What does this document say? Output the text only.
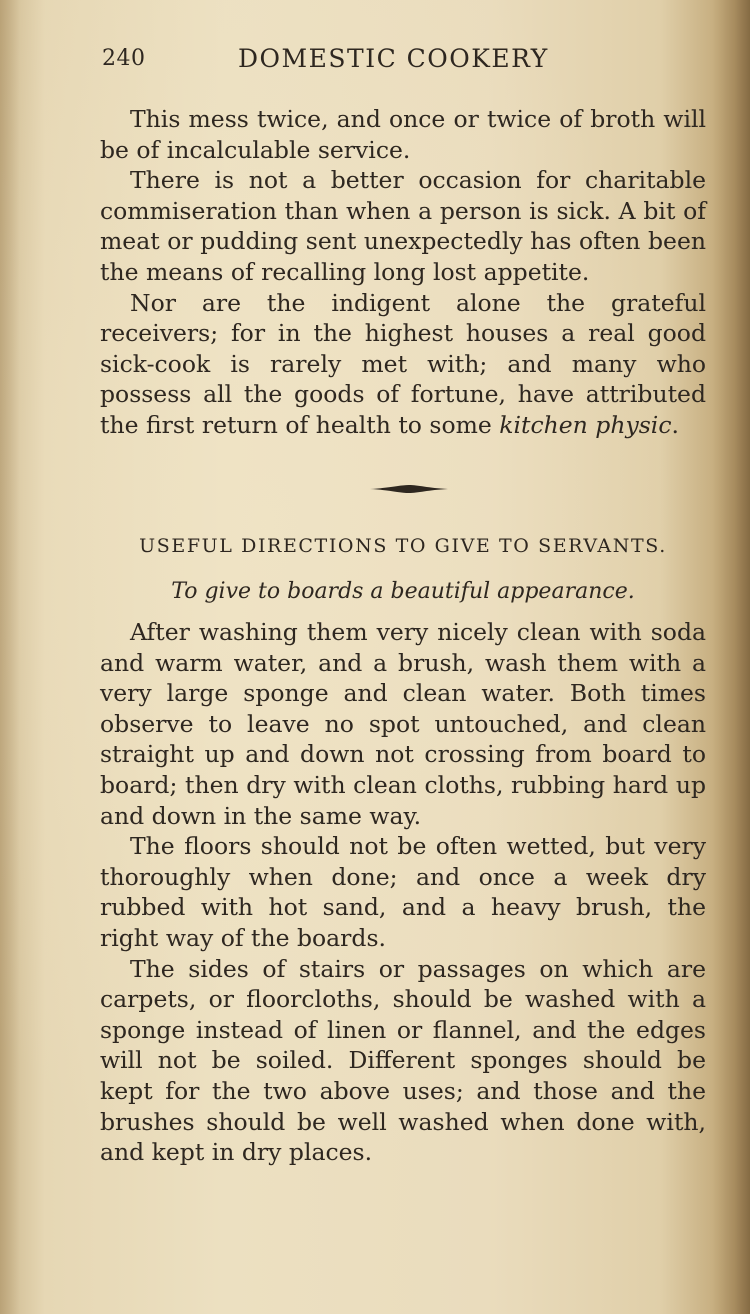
240	DOMESTIC COOKERY

This mess twice, and once or twice of broth will be of incalculable service.

There is not a better occasion for charitable commiseration than when a person is sick. A bit of meat or pudding sent unexpectedly has often been the means of recalling long lost appetite.

Nor are the indigent alone the grateful receivers; for in the highest houses a real good sick-cook is rarely met with; and many who possess all the goods of fortune, have attributed the first return of health to some kitchen physic.

USEFUL DIRECTIONS TO GIVE TO SERVANTS.
To give to boards a beautiful appearance.

After washing them very nicely clean with soda and warm water, and a brush, wash them with a very large sponge and clean water. Both times observe to leave no spot untouched, and clean straight up and down not crossing from board to board; then dry with clean cloths, rubbing hard up and down in the same way.

The floors should not be often wetted, but very thoroughly when done; and once a week dry rubbed with hot sand, and a heavy brush, the right way of the boards.

The sides of stairs or passages on which are carpets, or floorcloths, should be washed with a sponge instead of linen or flannel, and the edges will not be soiled. Different sponges should be kept for the two above uses; and those and the brushes should be well washed when done with, and kept in dry places.
